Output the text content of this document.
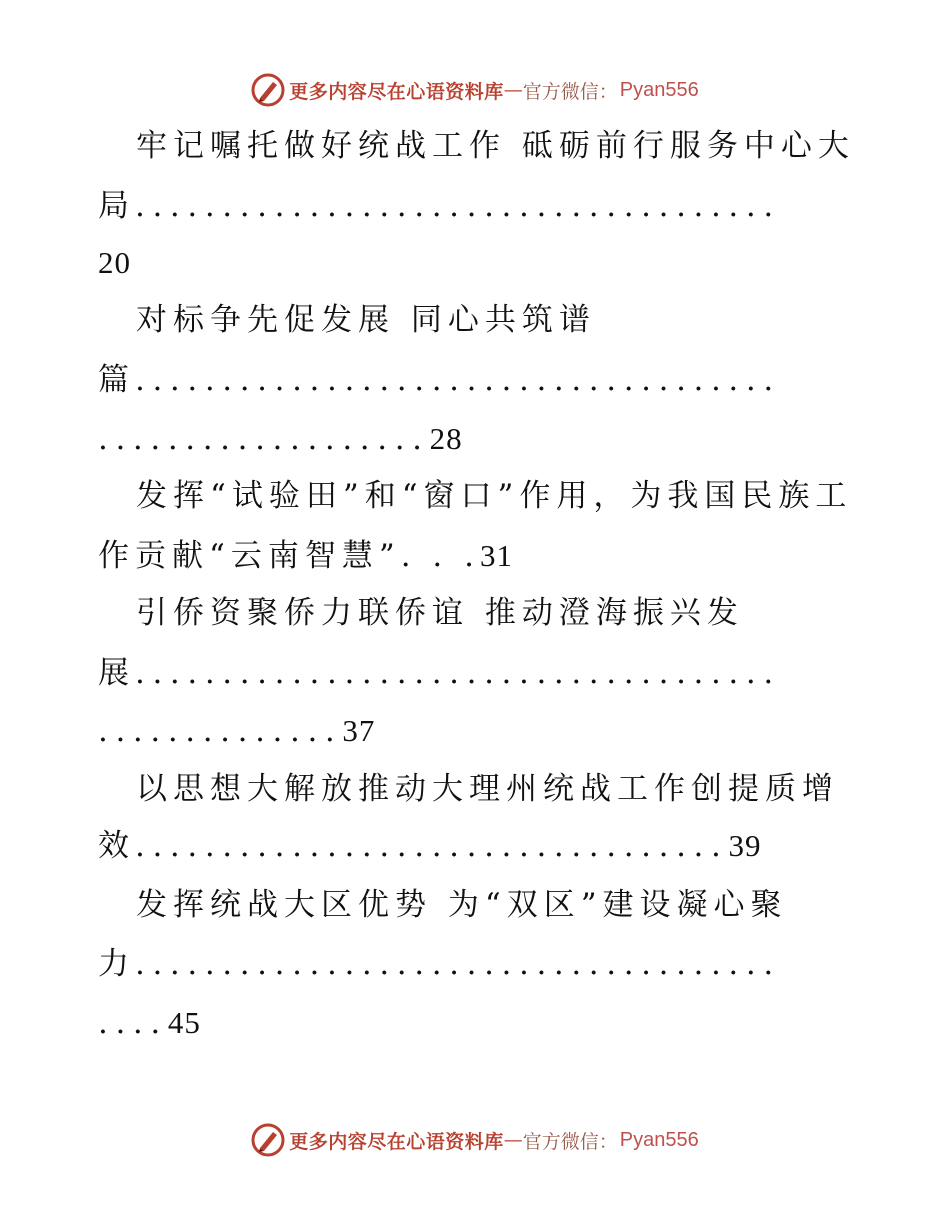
更多内容尽在心语资料库 — 官方微信： Pyan556
牢记嘱托做好统战工作 砥砺前行服务中心大
局.....................................
20
对标争先促发展 同心共筑谱
篇.....................................
...................28
发挥“试验田”和“窗口”作用，为我国民族工
作贡献“云南智慧”. . .31
引侨资聚侨力联侨谊 推动澄海振兴发
展.....................................
..............37
以思想大解放推动大理州统战工作创提质增
效..................................39
发挥统战大区优势 为“双区”建设凝心聚
力.....................................
....45
更多内容尽在心语资料库 — 官方微信： Pyan556
